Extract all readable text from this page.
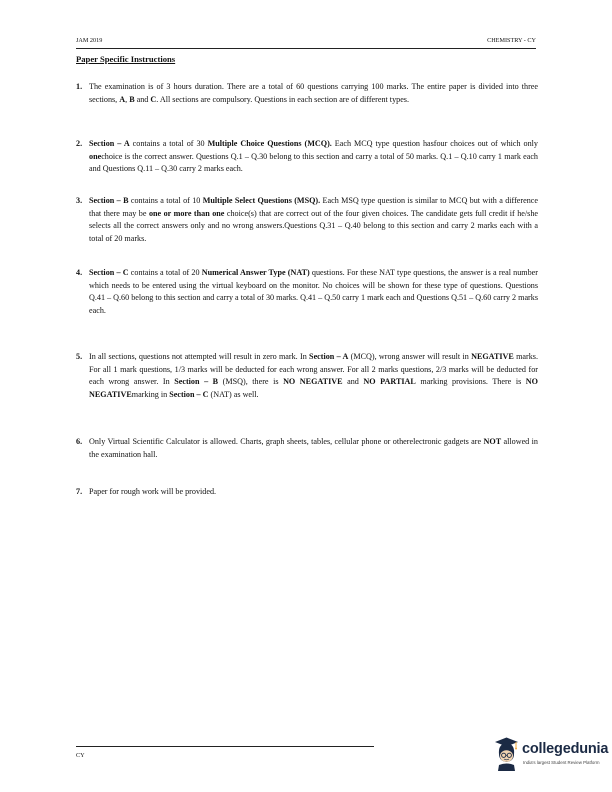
JAM 2019	CHEMISTRY - CY
Paper Specific Instructions
1. The examination is of 3 hours duration. There are a total of 60 questions carrying 100 marks. The entire paper is divided into three sections, A, B and C. All sections are compulsory. Questions in each section are of different types.
2. Section – A contains a total of 30 Multiple Choice Questions (MCQ). Each MCQ type question hasfour choices out of which only onechoice is the correct answer. Questions Q.1 – Q.30 belong to this section and carry a total of 50 marks. Q.1 – Q.10 carry 1 mark each and Questions Q.11 – Q.30 carry 2 marks each.
3. Section – B contains a total of 10 Multiple Select Questions (MSQ). Each MSQ type question is similar to MCQ but with a difference that there may be one or more than one choice(s) that are correct out of the four given choices. The candidate gets full credit if he/she selects all the correct answers only and no wrong answers.Questions Q.31 – Q.40 belong to this section and carry 2 marks each with a total of 20 marks.
4. Section – C contains a total of 20 Numerical Answer Type (NAT) questions. For these NAT type questions, the answer is a real number which needs to be entered using the virtual keyboard on the monitor. No choices will be shown for these type of questions. Questions Q.41 – Q.60 belong to this section and carry a total of 30 marks. Q.41 – Q.50 carry 1 mark each and Questions Q.51 – Q.60 carry 2 marks each.
5. In all sections, questions not attempted will result in zero mark. In Section – A (MCQ), wrong answer will result in NEGATIVE marks. For all 1 mark questions, 1/3 marks will be deducted for each wrong answer. For all 2 marks questions, 2/3 marks will be deducted for each wrong answer. In Section – B (MSQ), there is NO NEGATIVE and NO PARTIAL marking provisions. There is NO NEGATIVEmarking in Section – C (NAT) as well.
6. Only Virtual Scientific Calculator is allowed. Charts, graph sheets, tables, cellular phone or otherelectronic gadgets are NOT allowed in the examination hall.
7. Paper for rough work will be provided.
CY	collegedunia
India's largest Student Review Platform
